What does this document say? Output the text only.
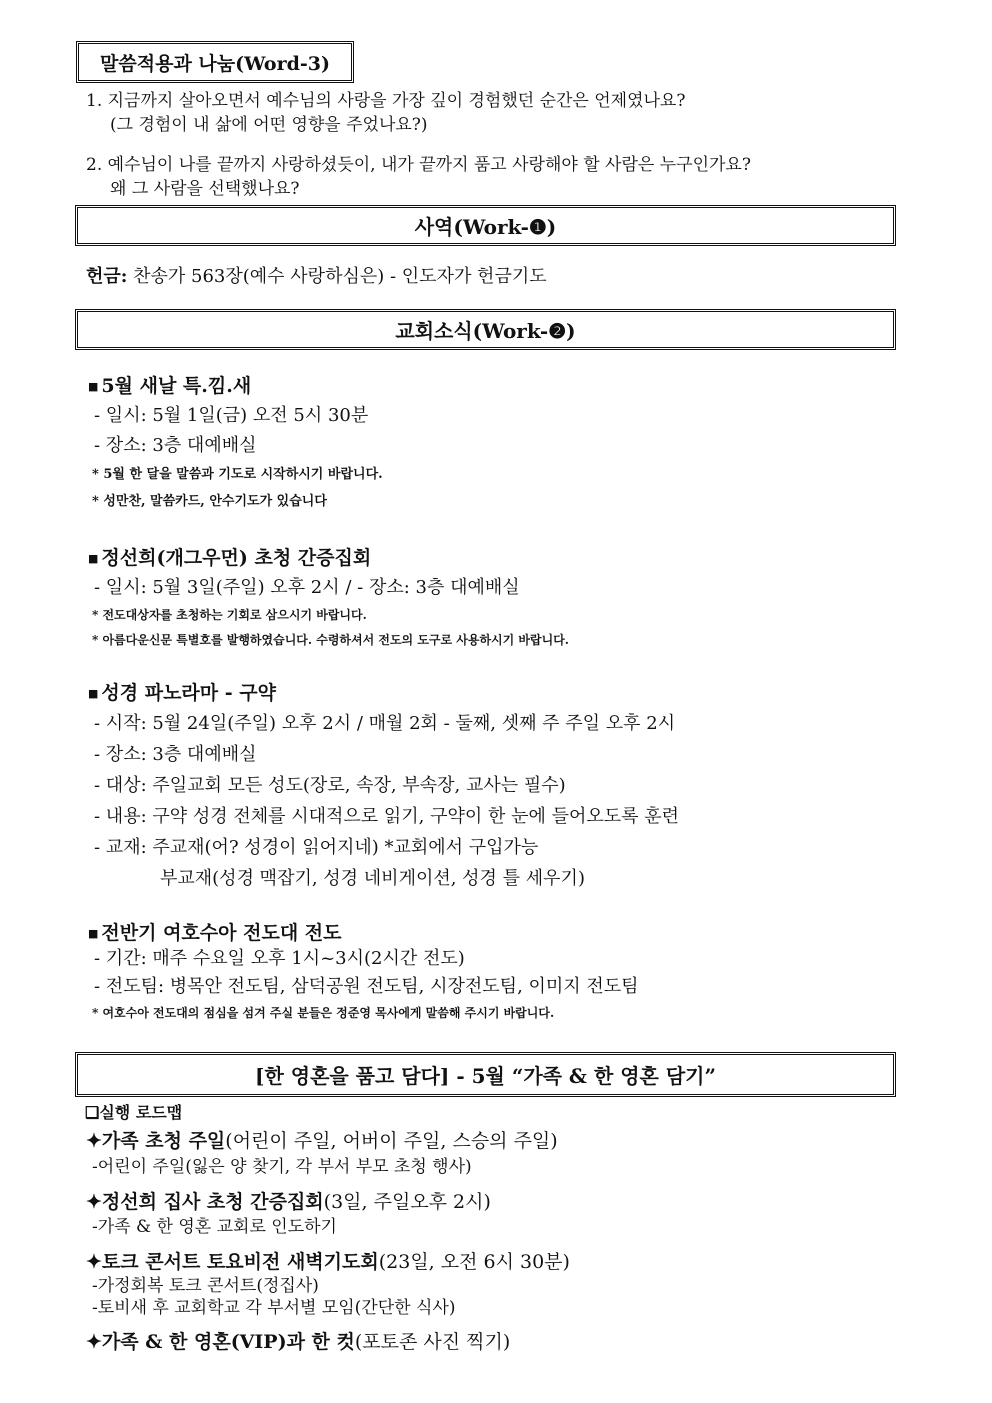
말씀적용과 나눔(Word-3)
1. 지금까지 살아오면서 예수님의 사랑을 가장 깊이 경험했던 순간은 언제였나요?
(그 경험이 내 삶에 어떤 영향을 주었나요?)
2. 예수님이 나를 끝까지 사랑하셨듯이, 내가 끝까지 품고 사랑해야 할 사람은 누구인가요?
왜 그 사람을 선택했나요?
사역(Work-❶)
헌금: 찬송가 563장(예수 사랑하심은) - 인도자가 헌금기도
교회소식(Work-❷)
■ 5월 새날 특.낌.새
- 일시: 5월 1일(금) 오전 5시 30분
- 장소: 3층 대예배실
* 5월 한 달을 말씀과 기도로 시작하시기 바랍니다.
* 성만찬, 말씀카드, 안수기도가 있습니다
■ 정선희(개그우먼) 초청 간증집회
- 일시: 5월 3일(주일) 오후 2시 / - 장소: 3층 대예배실
* 전도대상자를 초청하는 기회로 삼으시기 바랍니다.
* 아름다운신문 특별호를 발행하였습니다. 수령하셔서 전도의 도구로 사용하시기 바랍니다.
■ 성경 파노라마 - 구약
- 시작: 5월 24일(주일) 오후 2시 / 매월 2회 - 둘째, 셋째 주 주일 오후 2시
- 장소: 3층 대예배실
- 대상: 주일교회 모든 성도(장로, 속장, 부속장, 교사는 필수)
- 내용: 구약 성경 전체를 시대적으로 읽기, 구약이 한 눈에 들어오도록 훈련
- 교재: 주교재(어? 성경이 읽어지네) *교회에서 구입가능
부교재(성경 맥잡기, 성경 네비게이션, 성경 틀 세우기)
■ 전반기 여호수아 전도대 전도
- 기간: 매주 수요일 오후 1시~3시(2시간 전도)
- 전도팀: 병목안 전도팀, 삼덕공원 전도팀, 시장전도팀, 이미지 전도팀
* 여호수아 전도대의 점심을 섬겨 주실 분들은 정준영 목사에게 말씀해 주시기 바랍니다.
[한 영혼을 품고 담다] - 5월 “가족 & 한 영혼 담기”
❑실행 로드맵
✦가족 초청 주일(어린이 주일, 어버이 주일, 스승의 주일)
-어린이 주일(잃은 양 찾기, 각 부서 부모 초청 행사)
✦정선희 집사 초청 간증집회(3일, 주일오후 2시)
-가족 & 한 영혼 교회로 인도하기
✦토크 콘서트 토요비전 새벽기도회(23일, 오전 6시 30분)
-가정회복 토크 콘서트(정집사)
-토비새 후 교회학교 각 부서별 모임(간단한 식사)
✦가족 & 한 영혼(VIP)과 한 컷(포토존 사진 찍기)
